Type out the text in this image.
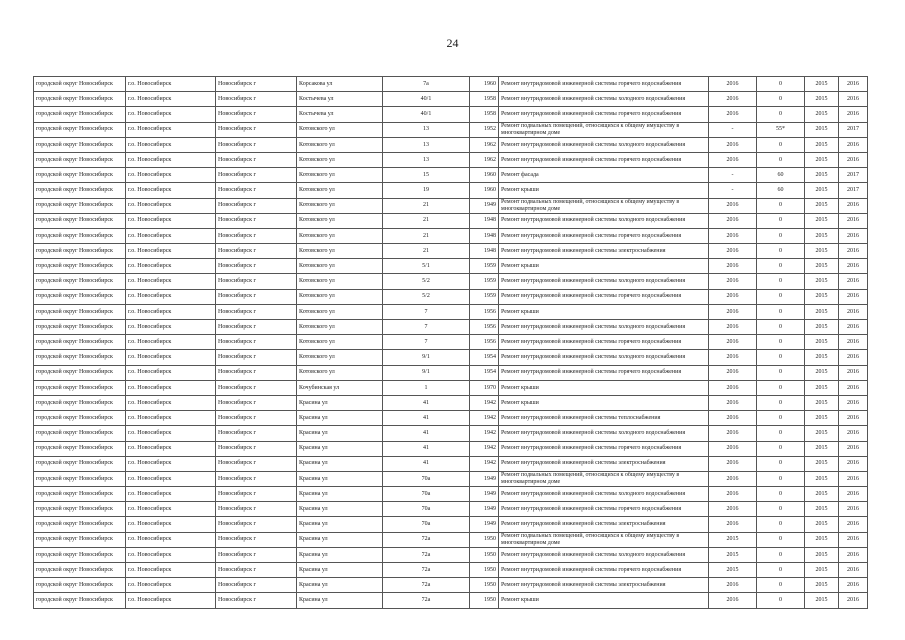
24
городской округ Новосибирск	г.о. Новосибирск	Новосибирск г	Корсакова ул	7а	1960	Ремонт внутридомовой инженерной системы горячего водоснабжения	2016	0	2015	2016
городской округ Новосибирск	г.о. Новосибирск	Новосибирск г	Костычева ул	40/1	1958	Ремонт внутридомовой инженерной системы холодного водоснабжения	2016	0	2015	2016
городской округ Новосибирск	г.о. Новосибирск	Новосибирск г	Костычева ул	40/1	1958	Ремонт внутридомовой инженерной системы горячего водоснабжения	2016	0	2015	2016
городской округ Новосибирск	г.о. Новосибирск	Новосибирск г	Котовского ул	13	1952	Ремонт подвальных помещений, относящихся к общему имуществу в многоквартирном доме	-	55*	2015	2017
городской округ Новосибирск	г.о. Новосибирск	Новосибирск г	Котовского ул	13	1962	Ремонт внутридомовой инженерной системы холодного водоснабжения	2016	0	2015	2016
городской округ Новосибирск	г.о. Новосибирск	Новосибирск г	Котовского ул	13	1962	Ремонт внутридомовой инженерной системы горячего водоснабжения	2016	0	2015	2016
городской округ Новосибирск	г.о. Новосибирск	Новосибирск г	Котовского ул	15	1960	Ремонт фасада	-	60	2015	2017
городской округ Новосибирск	г.о. Новосибирск	Новосибирск г	Котовского ул	19	1960	Ремонт крыши	-	60	2015	2017
городской округ Новосибирск	г.о. Новосибирск	Новосибирск г	Котовского ул	21	1949	Ремонт подвальных помещений, относящихся к общему имуществу в многоквартирном доме	2016	0	2015	2016
городской округ Новосибирск	г.о. Новосибирск	Новосибирск г	Котовского ул	21	1948	Ремонт внутридомовой инженерной системы холодного водоснабжения	2016	0	2015	2016
городской округ Новосибирск	г.о. Новосибирск	Новосибирск г	Котовского ул	21	1948	Ремонт внутридомовой инженерной системы горячего водоснабжения	2016	0	2015	2016
городской округ Новосибирск	г.о. Новосибирск	Новосибирск г	Котовского ул	21	1948	Ремонт внутридомовой инженерной системы электроснабжения	2016	0	2015	2016
городской округ Новосибирск	г.о. Новосибирск	Новосибирск г	Котовского ул	5/1	1959	Ремонт крыши	2016	0	2015	2016
городской округ Новосибирск	г.о. Новосибирск	Новосибирск г	Котовского ул	5/2	1959	Ремонт внутридомовой инженерной системы холодного водоснабжения	2016	0	2015	2016
городской округ Новосибирск	г.о. Новосибирск	Новосибирск г	Котовского ул	5/2	1959	Ремонт внутридомовой инженерной системы горячего водоснабжения	2016	0	2015	2016
городской округ Новосибирск	г.о. Новосибирск	Новосибирск г	Котовского ул	7	1956	Ремонт крыши	2016	0	2015	2016
городской округ Новосибирск	г.о. Новосибирск	Новосибирск г	Котовского ул	7	1956	Ремонт внутридомовой инженерной системы холодного водоснабжения	2016	0	2015	2016
городской округ Новосибирск	г.о. Новосибирск	Новосибирск г	Котовского ул	7	1956	Ремонт внутридомовой инженерной системы горячего водоснабжения	2016	0	2015	2016
городской округ Новосибирск	г.о. Новосибирск	Новосибирск г	Котовского ул	9/1	1954	Ремонт внутридомовой инженерной системы холодного водоснабжения	2016	0	2015	2016
городской округ Новосибирск	г.о. Новосибирск	Новосибирск г	Котовского ул	9/1	1954	Ремонт внутридомовой инженерной системы горячего водоснабжения	2016	0	2015	2016
городской округ Новосибирск	г.о. Новосибирск	Новосибирск г	Кочубинская ул	1	1970	Ремонт крыши	2016	0	2015	2016
городской округ Новосибирск	г.о. Новосибирск	Новосибирск г	Красина ул	41	1942	Ремонт крыши	2016	0	2015	2016
городской округ Новосибирск	г.о. Новосибирск	Новосибирск г	Красина ул	41	1942	Ремонт внутридомовой инженерной системы теплоснабжения	2016	0	2015	2016
городской округ Новосибирск	г.о. Новосибирск	Новосибирск г	Красина ул	41	1942	Ремонт внутридомовой инженерной системы холодного водоснабжения	2016	0	2015	2016
городской округ Новосибирск	г.о. Новосибирск	Новосибирск г	Красина ул	41	1942	Ремонт внутридомовой инженерной системы горячего водоснабжения	2016	0	2015	2016
городской округ Новосибирск	г.о. Новосибирск	Новосибирск г	Красина ул	41	1942	Ремонт внутридомовой инженерной системы электроснабжения	2016	0	2015	2016
городской округ Новосибирск	г.о. Новосибирск	Новосибирск г	Красина ул	70а	1949	Ремонт подвальных помещений, относящихся к общему имуществу в многоквартирном доме	2016	0	2015	2016
городской округ Новосибирск	г.о. Новосибирск	Новосибирск г	Красина ул	70а	1949	Ремонт внутридомовой инженерной системы холодного водоснабжения	2016	0	2015	2016
городской округ Новосибирск	г.о. Новосибирск	Новосибирск г	Красина ул	70а	1949	Ремонт внутридомовой инженерной системы горячего водоснабжения	2016	0	2015	2016
городской округ Новосибирск	г.о. Новосибирск	Новосибирск г	Красина ул	70а	1949	Ремонт внутридомовой инженерной системы электроснабжения	2016	0	2015	2016
городской округ Новосибирск	г.о. Новосибирск	Новосибирск г	Красина ул	72а	1950	Ремонт подвальных помещений, относящихся к общему имуществу в многоквартирном доме	2015	0	2015	2016
городской округ Новосибирск	г.о. Новосибирск	Новосибирск г	Красина ул	72а	1950	Ремонт внутридомовой инженерной системы холодного водоснабжения	2015	0	2015	2016
городской округ Новосибирск	г.о. Новосибирск	Новосибирск г	Красина ул	72а	1950	Ремонт внутридомовой инженерной системы горячего водоснабжения	2015	0	2015	2016
городской округ Новосибирск	г.о. Новосибирск	Новосибирск г	Красина ул	72а	1950	Ремонт внутридомовой инженерной системы электроснабжения	2016	0	2015	2016
городской округ Новосибирск	г.о. Новосибирск	Новосибирск г	Красина ул	72а	1950	Ремонт крыши	2016	0	2015	2016
